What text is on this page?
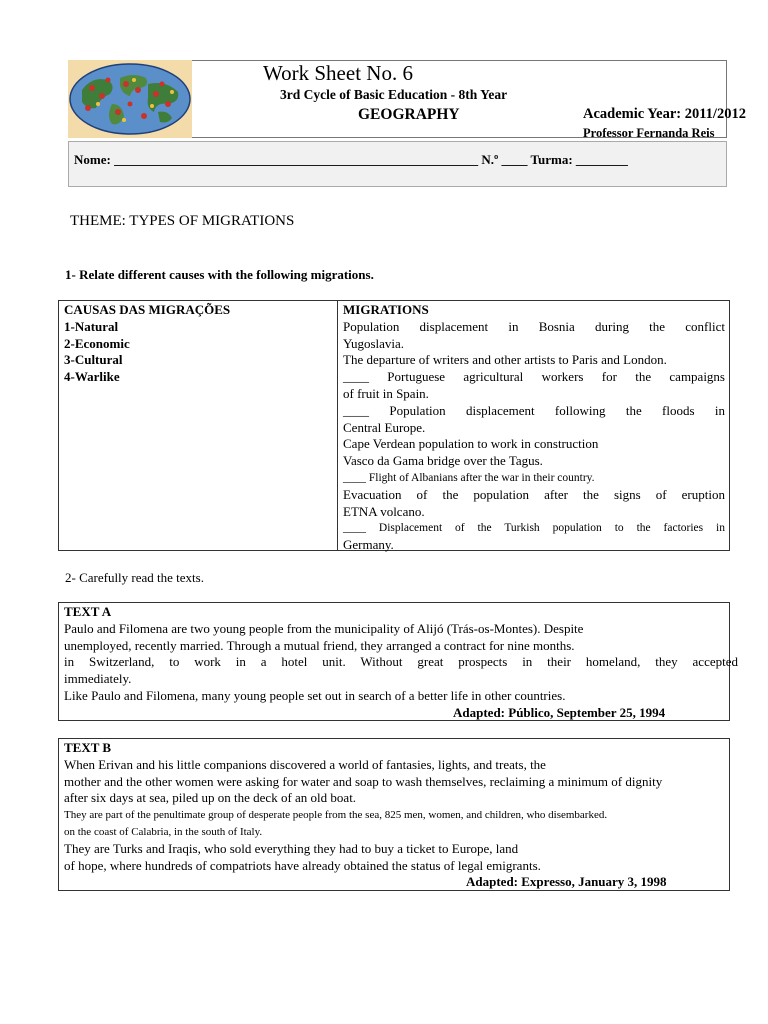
Work Sheet No. 6
3rd Cycle of Basic Education - 8th Year
GEOGRAPHY	Academic Year: 2011/2012
Professor Fernanda Reis
Nome: ________________________________________________________ N.º ____ Turma: ________
THEME: TYPES OF MIGRATIONS
1- Relate different causes with the following migrations.
CAUSAS DAS MIGRAÇÕES
1-Natural
2-Economic
3-Cultural
4-Warlike
MIGRATIONS
Population displacement in Bosnia during the conflict
Yugoslavia.
The departure of writers and other artists to Paris and London.
____ Portuguese agricultural workers for the campaigns
of fruit in Spain.
____ Population displacement following the floods in
Central Europe.
Cape Verdean population to work in construction
Vasco da Gama bridge over the Tagus.
____ Flight of Albanians after the war in their country.
Evacuation of the population after the signs of eruption
ETNA volcano.
____ Displacement of the Turkish population to the factories in
Germany.
2- Carefully read the texts.
TEXT A
Paulo and Filomena are two young people from the municipality of Alijó (Trás-os-Montes). Despite
unemployed, recently married. Through a mutual friend, they arranged a contract for nine months.
in Switzerland, to work in a hotel unit. Without great prospects in their homeland, they accepted
immediately.
Like Paulo and Filomena, many young people set out in search of a better life in other countries.
Adapted: Público, September 25, 1994
TEXT B
When Erivan and his little companions discovered a world of fantasies, lights, and treats, the
mother and the other women were asking for water and soap to wash themselves, reclaiming a minimum of dignity
after six days at sea, piled up on the deck of an old boat.
They are part of the penultimate group of desperate people from the sea, 825 men, women, and children, who disembarked.
on the coast of Calabria, in the south of Italy.
They are Turks and Iraqis, who sold everything they had to buy a ticket to Europe, land
of hope, where hundreds of compatriots have already obtained the status of legal emigrants.
Adapted: Expresso, January 3, 1998
